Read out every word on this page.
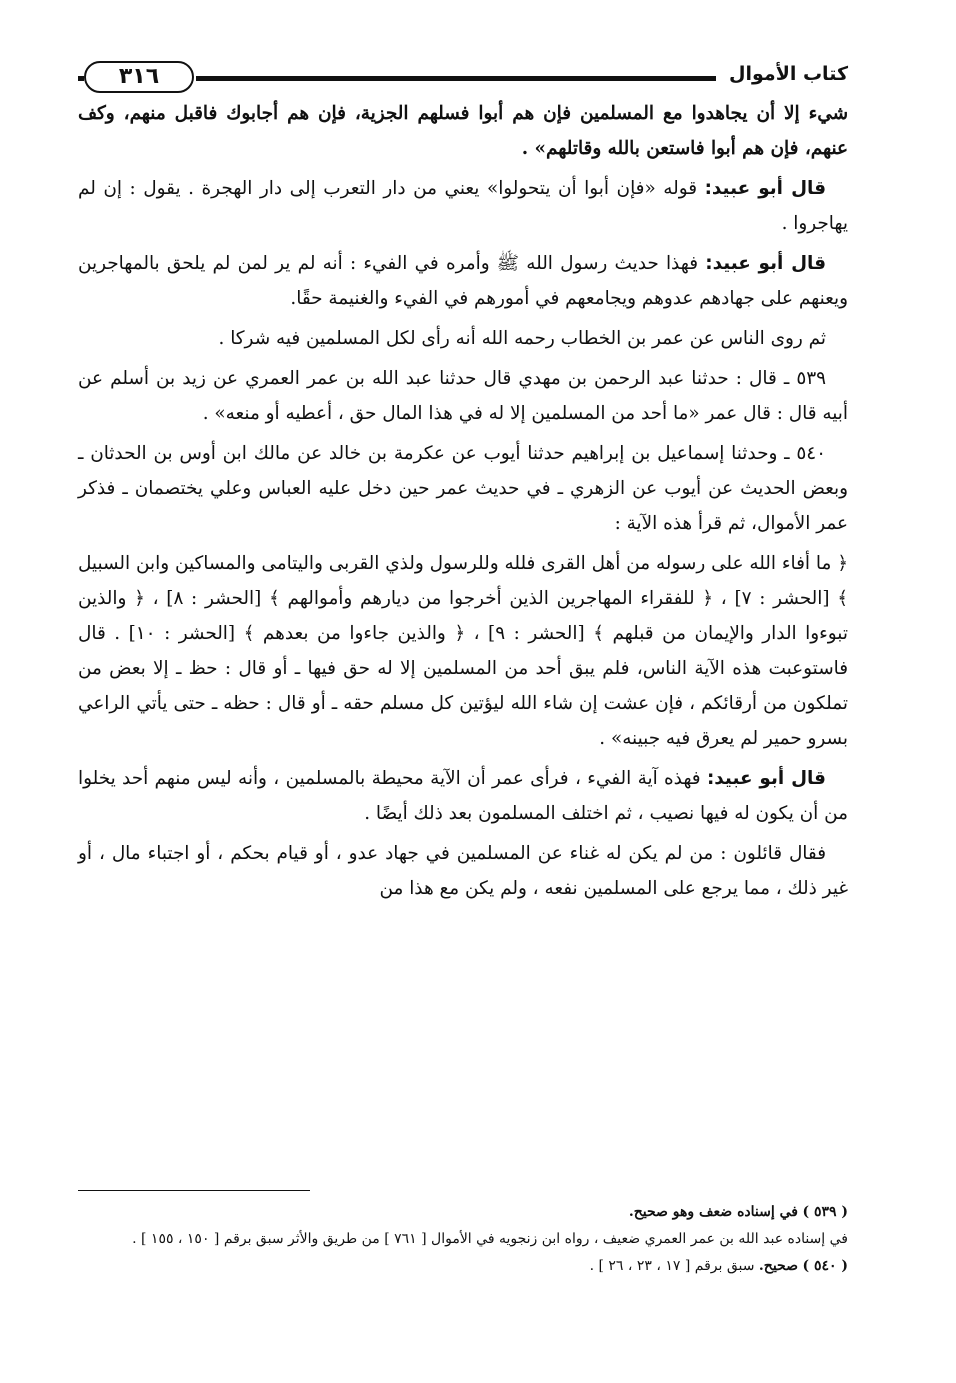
كتاب الأموال
٣١٦

شيء إلا أن يجاهدوا مع المسلمين فإن هم أبوا فسلهم الجزية، فإن هم أجابوك فاقبل منهم، وكف عنهم، فإن هم أبوا فاستعن بالله وقاتلهم» .

قال أبو عبيد: قوله «فإن أبوا أن يتحولوا» يعني من دار التعرب إلى دار الهجرة . يقول : إن لم يهاجروا .

قال أبو عبيد: فهذا حديث رسول الله ﷺ وأمره في الفيء : أنه لم ير لمن لم يلحق بالمهاجرين ويعنهم على جهادهم عدوهم ويجامعهم في أمورهم في الفيء والغنيمة حقًا.

ثم روى الناس عن عمر بن الخطاب رحمه الله أنه رأى لكل المسلمين فيه شركا .

٥٣٩ ـ قال : حدثنا عبد الرحمن بن مهدي قال حدثنا عبد الله بن عمر العمري عن زيد بن أسلم عن أبيه قال : قال عمر «ما أحد من المسلمين إلا له في هذا المال حق ، أعطيه أو منعه» .

٥٤٠ ـ وحدثنا إسماعيل بن إبراهيم حدثنا أيوب عن عكرمة بن خالد عن مالك ابن أوس بن الحدثان ـ وبعض الحديث عن أيوب عن الزهري ـ في حديث عمر حين دخل عليه العباس وعلي يختصمان ـ فذكر عمر الأموال، ثم قرأ هذه الآية :

﴿ ما أفاء الله على رسوله من أهل القرى فلله وللرسول ولذي القربى واليتامى والمساكين وابن السبيل ﴾ [الحشر : ٧] ، ﴿ للفقراء المهاجرين الذين أخرجوا من ديارهم وأموالهم ﴾ [الحشر : ٨] ، ﴿ والذين تبوءوا الدار والإيمان من قبلهم ﴾ [الحشر : ٩] ، ﴿ والذين جاءوا من بعدهم ﴾ [الحشر : ١٠] . قال فاستوعبت هذه الآية الناس، فلم يبق أحد من المسلمين إلا له حق فيها ـ أو قال : حظ ـ إلا بعض من تملكون من أرقائكم ، فإن عشت إن شاء الله ليؤتين كل مسلم حقه ـ أو قال : حظه ـ حتى يأتي الراعي بسرو حمير لم يعرق فيه جبينه» .

قال أبو عبيد: فهذه آية الفيء ، فرأى عمر أن الآية محيطة بالمسلمين ، وأنه ليس منهم أحد يخلوا من أن يكون له فيها نصيب ، ثم اختلف المسلمون بعد ذلك أيضًا .

فقال قائلون : من لم يكن له غناء عن المسلمين في جهاد عدو ، أو قيام بحكم ، أو اجتباء مال ، أو غير ذلك ، مما يرجع على المسلمين نفعه ، ولم يكن مع هذا من

( ٥٣٩ ) في إسناده ضعف وهو صحيح.

في إسناده عبد الله بن عمر العمري ضعيف ، رواه ابن زنجويه في الأموال [ ٧٦١ ] من طريق والأثر سبق برقم [ ١٥٠ ، ١٥٥ ] .

( ٥٤٠ ) صحيح. سبق برقم [ ١٧ ، ٢٣ ، ٢٦ ] .
